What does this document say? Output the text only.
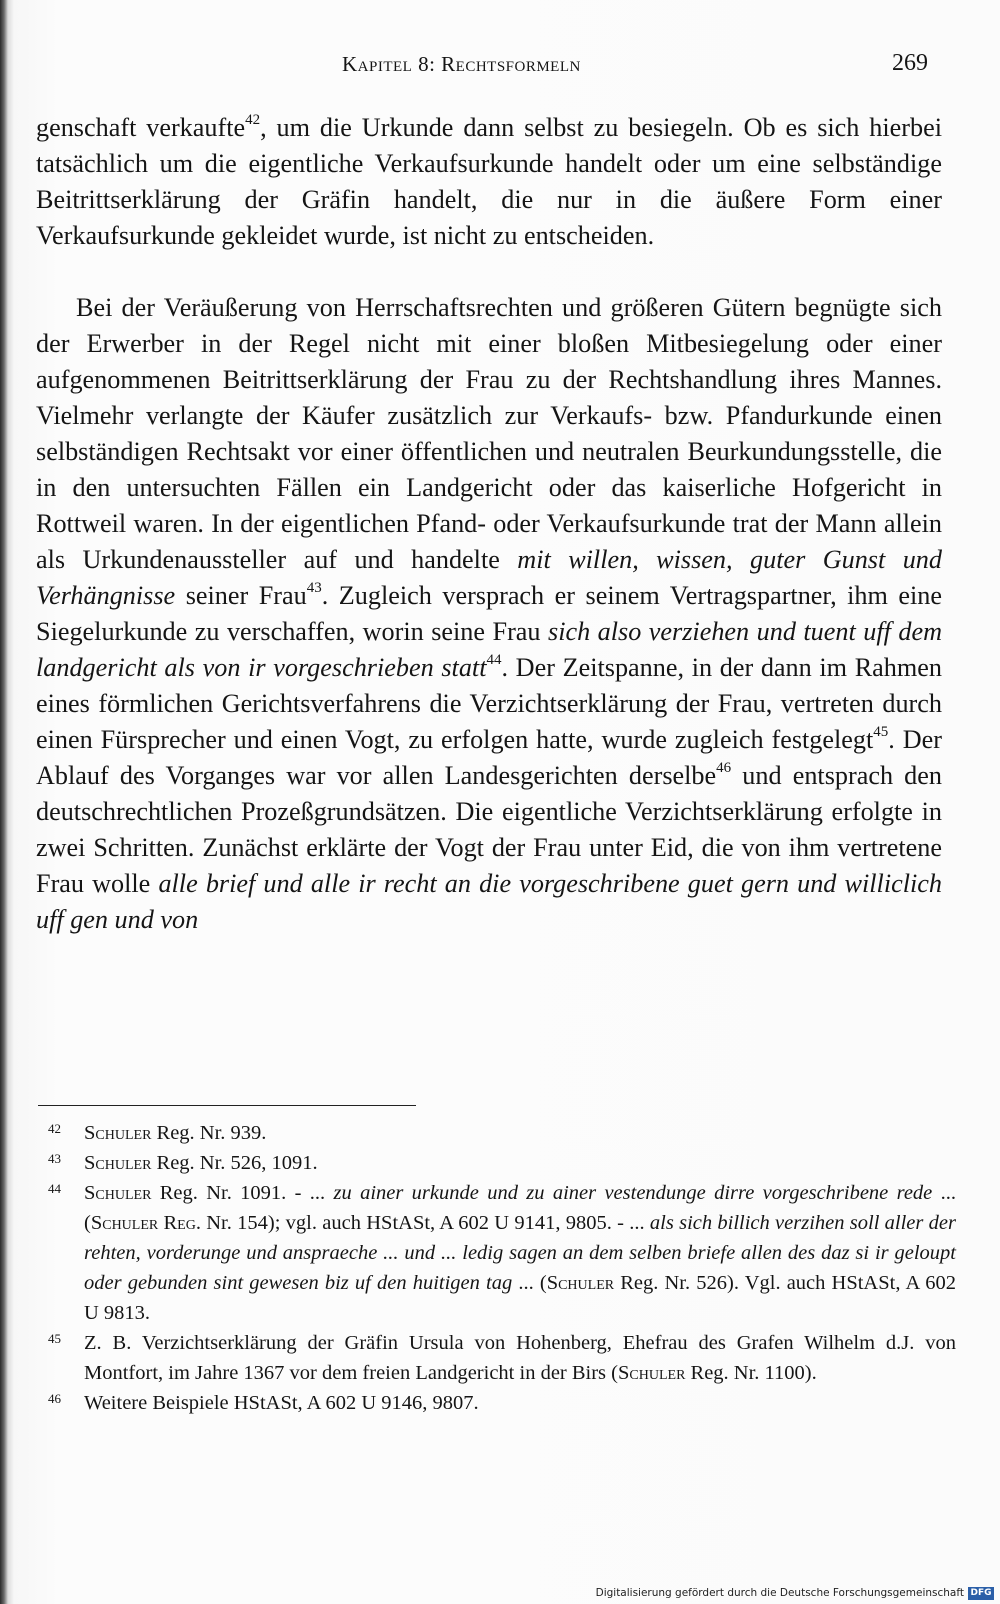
Kapitel 8: Rechtsformeln	269

genschaft verkaufte$^{42}$, um die Urkunde dann selbst zu besiegeln. Ob es sich hierbei tatsächlich um die eigentliche Verkaufsurkunde handelt oder um eine selbständige Beitrittserklärung der Gräfin handelt, die nur in die äußere Form einer Verkaufsurkunde gekleidet wurde, ist nicht zu entscheiden.

Bei der Veräußerung von Herrschaftsrechten und größeren Gütern begnügte sich der Erwerber in der Regel nicht mit einer bloßen Mitbesiegelung oder einer aufgenommenen Beitrittserklärung der Frau zu der Rechtshandlung ihres Mannes. Vielmehr verlangte der Käufer zusätzlich zur Verkaufs- bzw. Pfandurkunde einen selbständigen Rechtsakt vor einer öffentlichen und neutralen Beurkundungsstelle, die in den untersuchten Fällen ein Landgericht oder das kaiserliche Hofgericht in Rottweil waren. In der eigentlichen Pfand- oder Verkaufsurkunde trat der Mann allein als Urkundenaussteller auf und handelte mit willen, wissen, guter Gunst und Verhängnisse seiner Frau$^{43}$. Zugleich versprach er seinem Vertragspartner, ihm eine Siegelurkunde zu verschaffen, worin seine Frau sich also verziehen und tuent uff dem landgericht als von ir vorgeschrieben statt$^{44}$. Der Zeitspanne, in der dann im Rahmen eines förmlichen Gerichtsverfahrens die Verzichtserklärung der Frau, vertreten durch einen Fürsprecher und einen Vogt, zu erfolgen hatte, wurde zugleich festgelegt$^{45}$. Der Ablauf des Vorganges war vor allen Landesgerichten derselbe$^{46}$ und entsprach den deutschrechtlichen Prozeßgrundsätzen. Die eigentliche Verzichtserklärung erfolgte in zwei Schritten. Zunächst erklärte der Vogt der Frau unter Eid, die von ihm vertretene Frau wolle alle brief und alle ir recht an die vorgeschribene guet gern und williclich uff gen und von

42	Schuler Reg. Nr. 939.
43	Schuler Reg. Nr. 526, 1091.
44	Schuler Reg. Nr. 1091. - ... zu ainer urkunde und zu ainer vestendunge dirre vorgeschribene rede ... (Schuler Reg. Nr. 154); vgl. auch HStASt, A 602 U 9141, 9805. - ... als sich billich verzihen soll aller der rehten, vorderunge und anspraeche ... und ... ledig sagen an dem selben briefe allen des daz si ir geloupt oder gebunden sint gewesen biz uf den huitigen tag ... (Schuler Reg. Nr. 526). Vgl. auch HStASt, A 602 U 9813.
45	Z. B. Verzichtserklärung der Gräfin Ursula von Hohenberg, Ehefrau des Grafen Wilhelm d.J. von Montfort, im Jahre 1367 vor dem freien Landgericht in der Birs (Schuler Reg. Nr. 1100).
46	Weitere Beispiele HStASt, A 602 U 9146, 9807.
Digitalisierung gefördert durch die Deutsche Forschungsgemeinschaft DFG
